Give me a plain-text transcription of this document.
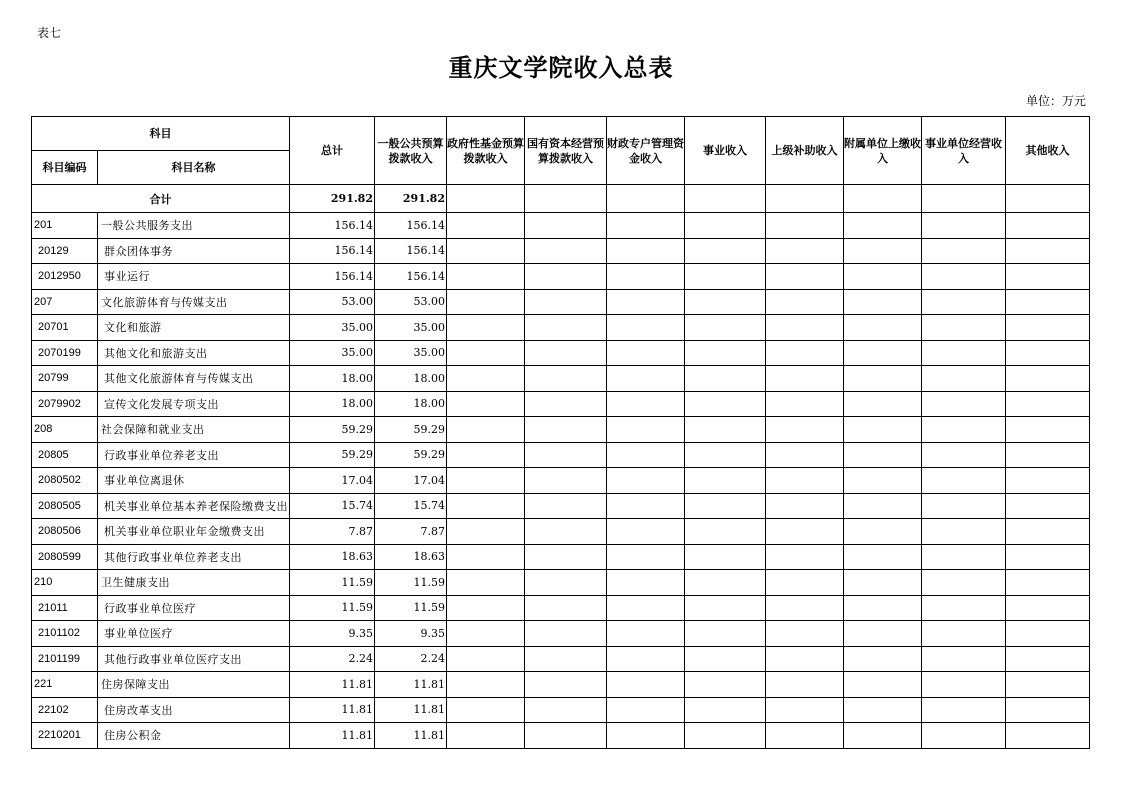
表七
重庆文学院收入总表
单位：万元
科目		总计	一般公共预算拨款收入	政府性基金预算拨款收入	国有资本经营预算拨款收入	财政专户管理资金收入	事业收入	上级补助收入	附属单位上缴收入	事业单位经营收入	其他收入
科目编码	科目名称										
合计		291.82	291.82								
201	一般公共服务支出	156.14	156.14								
20129	群众团体事务	156.14	156.14								
2012950	事业运行	156.14	156.14								
207	文化旅游体育与传媒支出	53.00	53.00								
20701	文化和旅游	35.00	35.00								
2070199	其他文化和旅游支出	35.00	35.00								
20799	其他文化旅游体育与传媒支出	18.00	18.00								
2079902	宣传文化发展专项支出	18.00	18.00								
208	社会保障和就业支出	59.29	59.29								
20805	行政事业单位养老支出	59.29	59.29								
2080502	事业单位离退休	17.04	17.04								
2080505	机关事业单位基本养老保险缴费支出	15.74	15.74								
2080506	机关事业单位职业年金缴费支出	7.87	7.87								
2080599	其他行政事业单位养老支出	18.63	18.63								
210	卫生健康支出	11.59	11.59								
21011	行政事业单位医疗	11.59	11.59								
2101102	事业单位医疗	9.35	9.35								
2101199	其他行政事业单位医疗支出	2.24	2.24								
221	住房保障支出	11.81	11.81								
22102	住房改革支出	11.81	11.81								
2210201	住房公积金	11.81	11.81								
